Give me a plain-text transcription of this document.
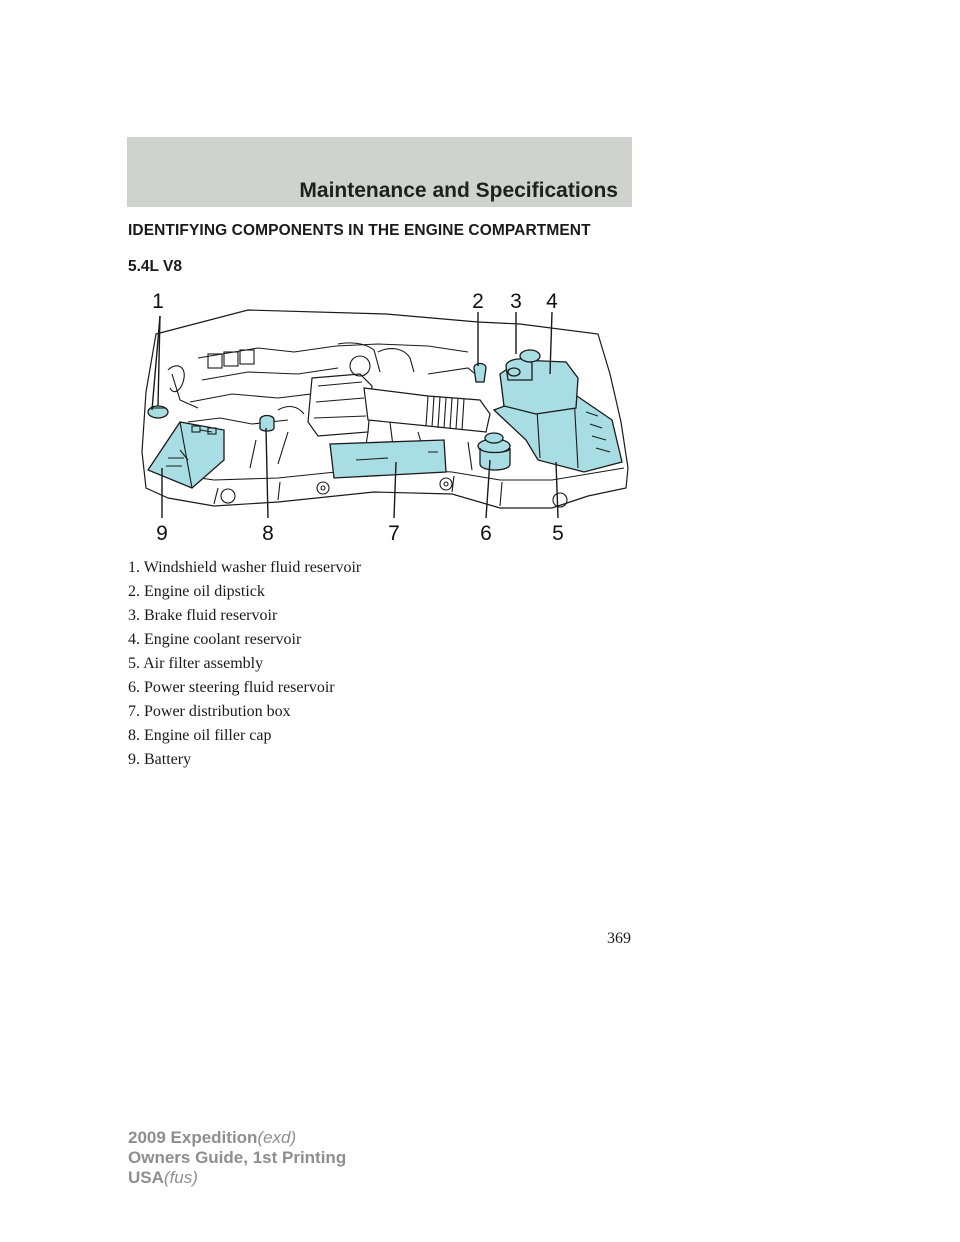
Maintenance and Specifications
IDENTIFYING COMPONENTS IN THE ENGINE COMPARTMENT
5.4L V8
1	2 3 4
5
6
7
8
9
1. Windshield washer fluid reservoir
2. Engine oil dipstick
3. Brake fluid reservoir
4. Engine coolant reservoir
5. Air filter assembly
6. Power steering fluid reservoir
7. Power distribution box
8. Engine oil filler cap
9. Battery
369
2009 Expedition(exd)
Owners Guide, 1st Printing
USA(fus)
